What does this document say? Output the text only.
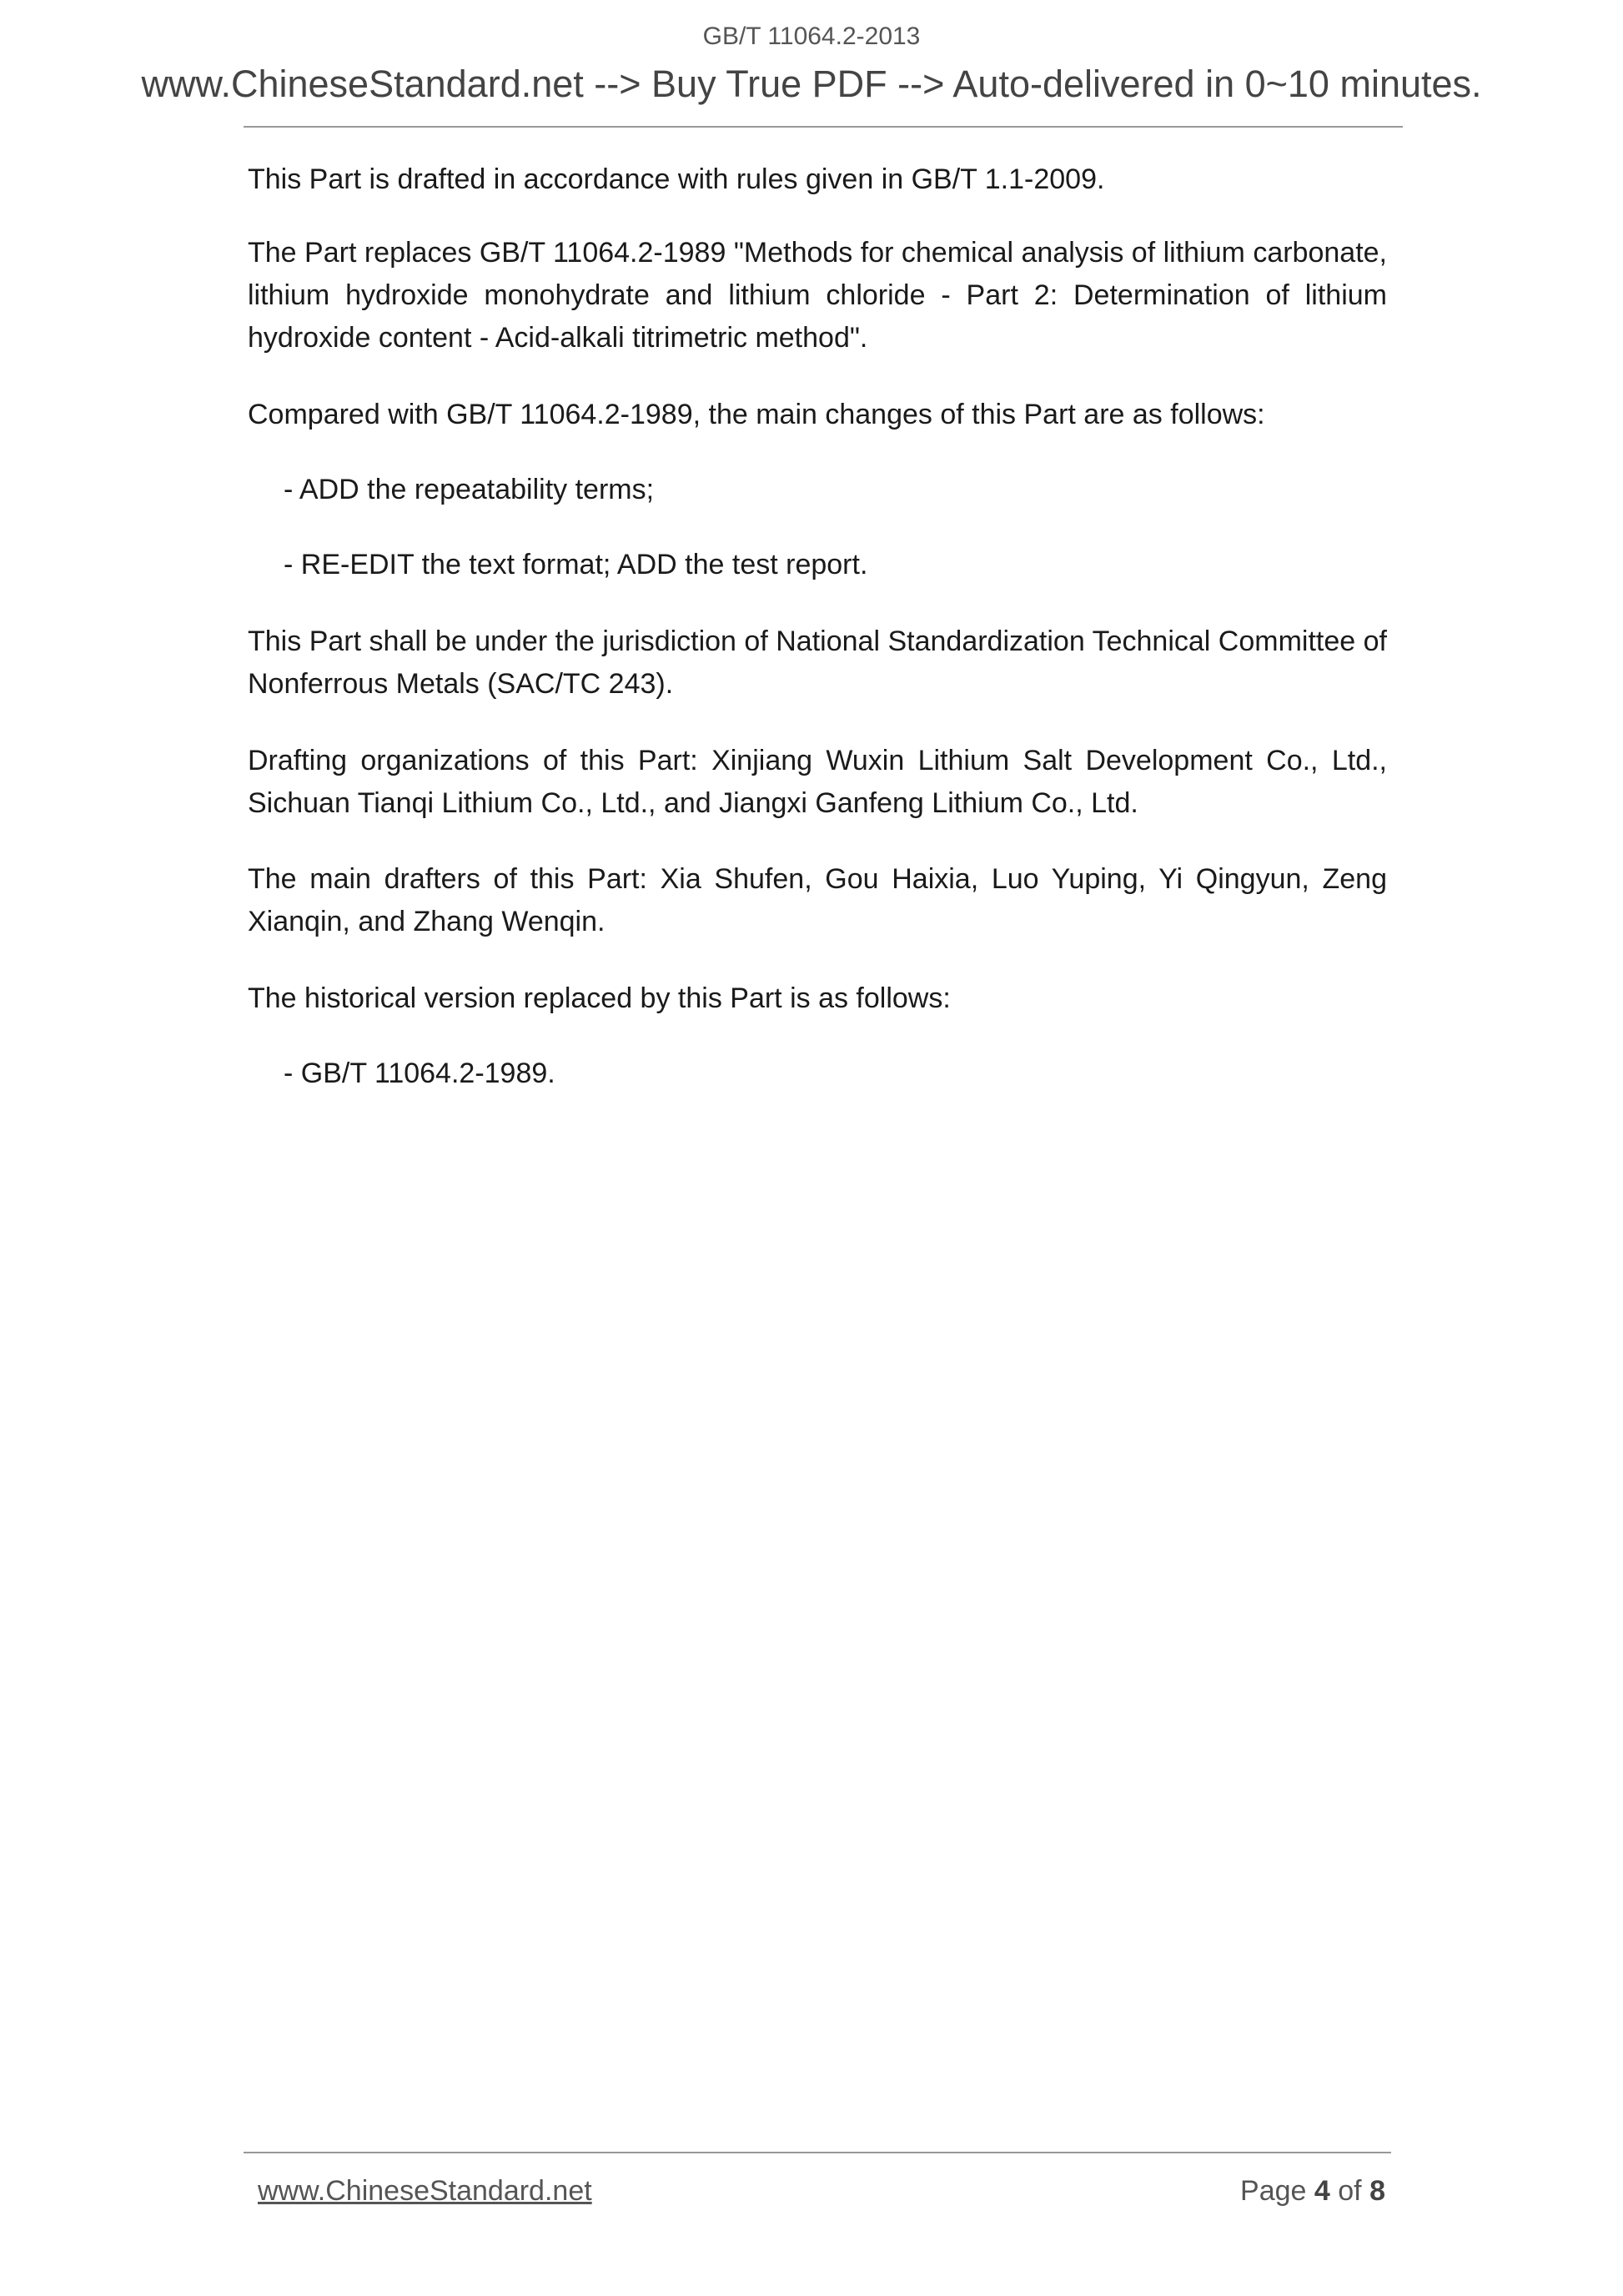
GB/T 11064.2-2013
www.ChineseStandard.net --> Buy True PDF --> Auto-delivered in 0~10 minutes.
This Part is drafted in accordance with rules given in GB/T 1.1-2009.
The Part replaces GB/T 11064.2-1989 "Methods for chemical analysis of lithium carbonate, lithium hydroxide monohydrate and lithium chloride - Part 2: Determination of lithium hydroxide content - Acid-alkali titrimetric method".
Compared with GB/T 11064.2-1989, the main changes of this Part are as follows:
- ADD the repeatability terms;
- RE-EDIT the text format; ADD the test report.
This Part shall be under the jurisdiction of National Standardization Technical Committee of Nonferrous Metals (SAC/TC 243).
Drafting organizations of this Part: Xinjiang Wuxin Lithium Salt Development Co., Ltd., Sichuan Tianqi Lithium Co., Ltd., and Jiangxi Ganfeng Lithium Co., Ltd.
The main drafters of this Part: Xia Shufen, Gou Haixia, Luo Yuping, Yi Qingyun, Zeng Xianqin, and Zhang Wenqin.
The historical version replaced by this Part is as follows:
- GB/T 11064.2-1989.
www.ChineseStandard.net	Page 4 of 8
